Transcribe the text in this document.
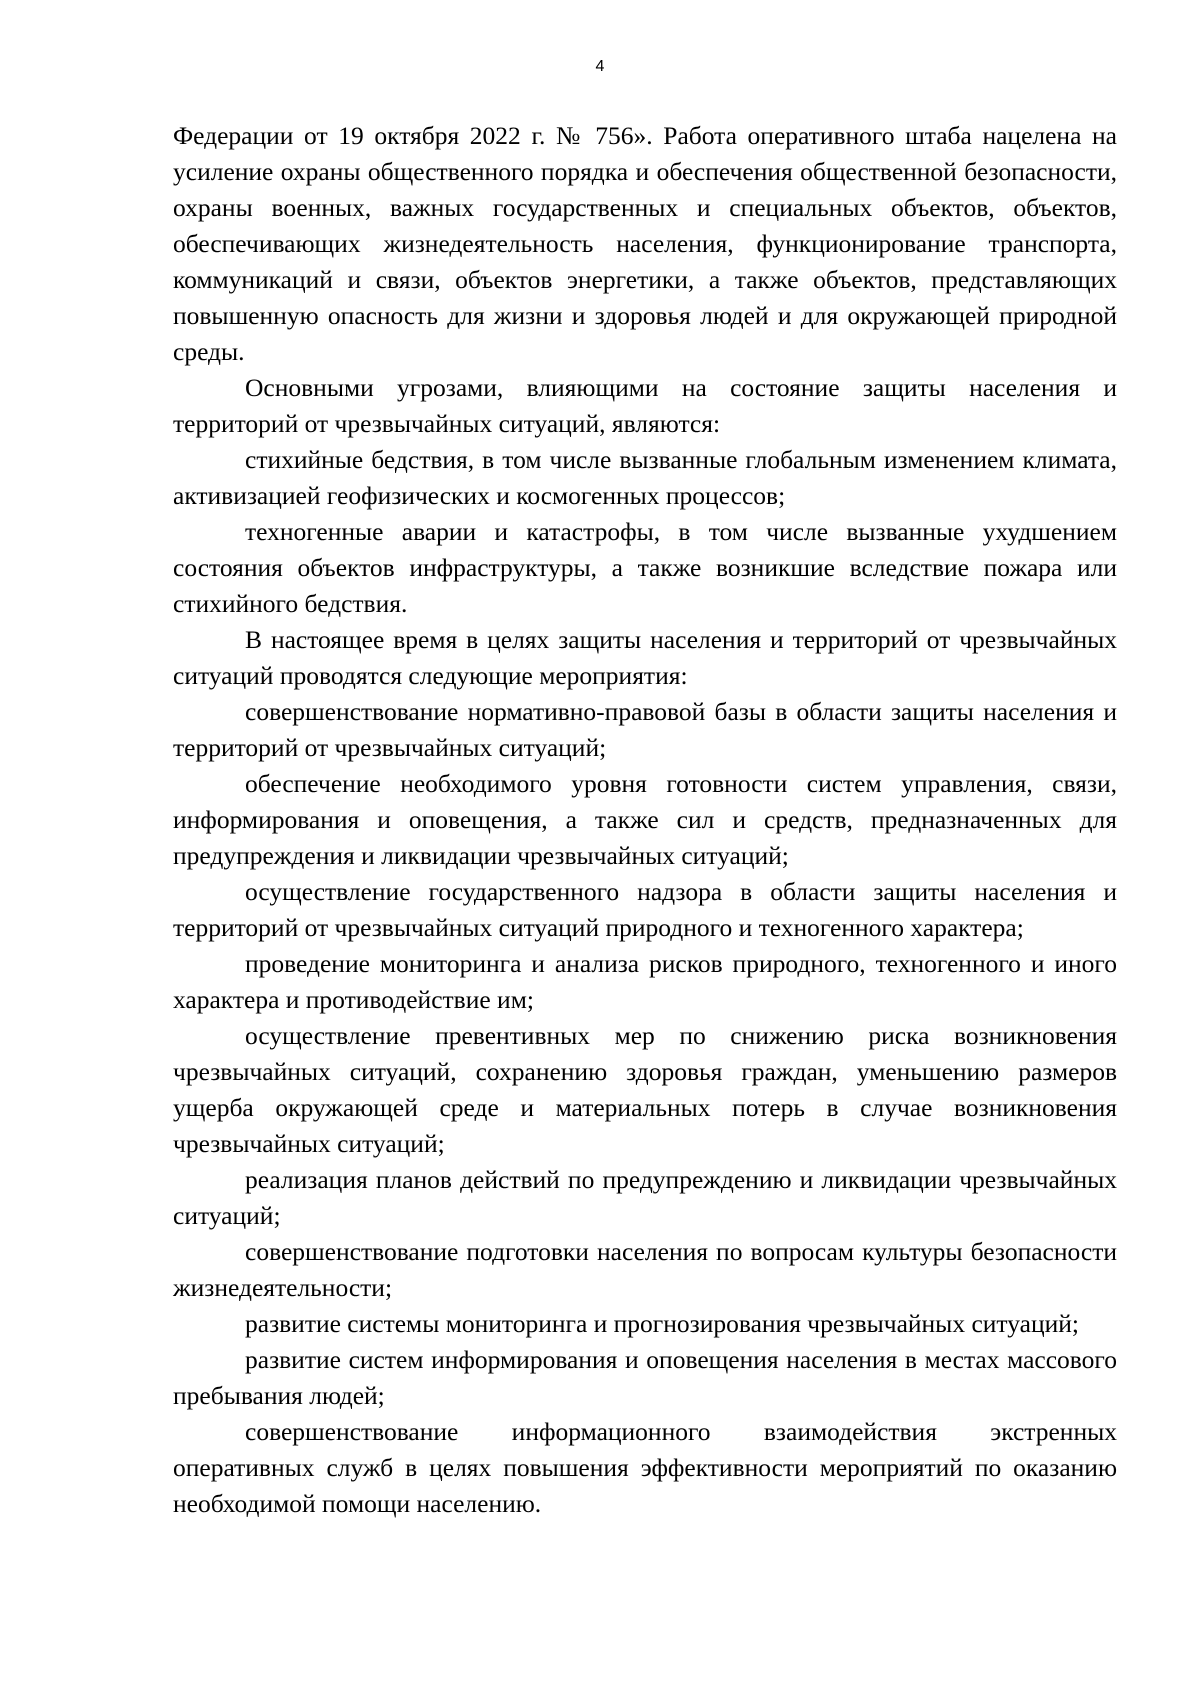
4

Федерации от 19 октября 2022 г. № 756». Работа оперативного штаба нацелена на усиление охраны общественного порядка и обеспечения общественной безопасности, охраны военных, важных государственных и специальных объектов, объектов, обеспечивающих жизнедеятельность населения, функционирование транспорта, коммуникаций и связи, объектов энергетики, а также объектов, представляющих повышенную опасность для жизни и здоровья людей и для окружающей природной среды.

Основными угрозами, влияющими на состояние защиты населения и территорий от чрезвычайных ситуаций, являются:

стихийные бедствия, в том числе вызванные глобальным изменением климата, активизацией геофизических и космогенных процессов;

техногенные аварии и катастрофы, в том числе вызванные ухудшением состояния объектов инфраструктуры, а также возникшие вследствие пожара или стихийного бедствия.

В настоящее время в целях защиты населения и территорий от чрезвычайных ситуаций проводятся следующие мероприятия:

совершенствование нормативно-правовой базы в области защиты населения и территорий от чрезвычайных ситуаций;

обеспечение необходимого уровня готовности систем управления, связи, информирования и оповещения, а также сил и средств, предназначенных для предупреждения и ликвидации чрезвычайных ситуаций;

осуществление государственного надзора в области защиты населения и территорий от чрезвычайных ситуаций природного и техногенного характера;

проведение мониторинга и анализа рисков природного, техногенного и иного характера и противодействие им;

осуществление превентивных мер по снижению риска возникновения чрезвычайных ситуаций, сохранению здоровья граждан, уменьшению размеров ущерба окружающей среде и материальных потерь в случае возникновения чрезвычайных ситуаций;

реализация планов действий по предупреждению и ликвидации чрезвычайных ситуаций;

совершенствование подготовки населения по вопросам культуры безопасности жизнедеятельности;

развитие системы мониторинга и прогнозирования чрезвычайных ситуаций;

развитие систем информирования и оповещения населения в местах массового пребывания людей;

совершенствование информационного взаимодействия экстренных оперативных служб в целях повышения эффективности мероприятий по оказанию необходимой помощи населению.
